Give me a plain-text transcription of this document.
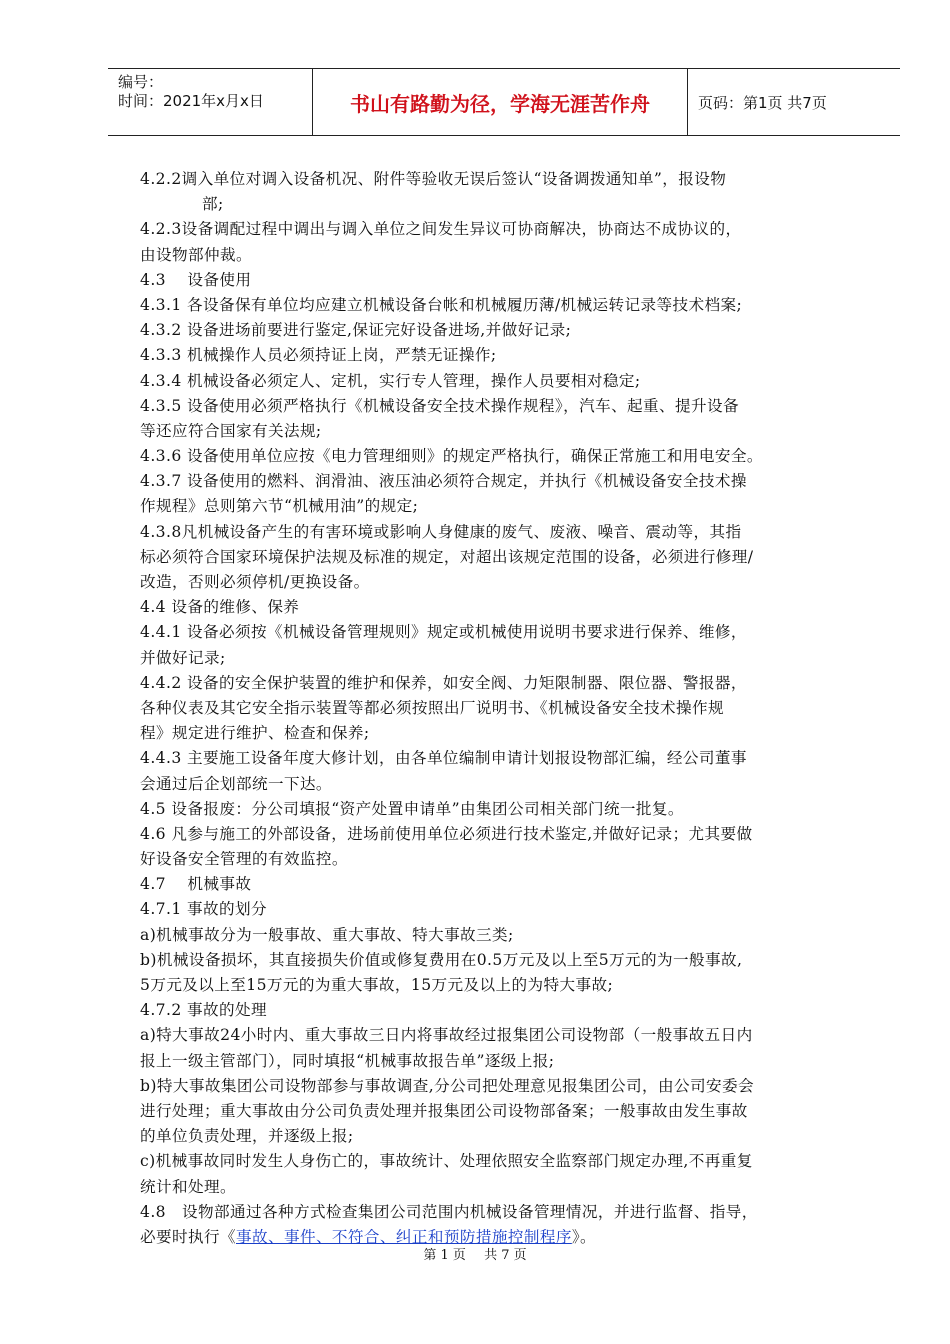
编号：
时间：2021年x月x日	书山有路勤为径，学海无涯苦作舟	页码：第1页 共7页
4.2.2调入单位对调入设备机况、附件等验收无误后签认“设备调拨通知单”，报设物
部;
4.2.3设备调配过程中调出与调入单位之间发生异议可协商解决，协商达不成协议的，
由设物部仲裁。
4.3　 设备使用
4.3.1 各设备保有单位均应建立机械设备台帐和机械履历薄/机械运转记录等技术档案;
4.3.2 设备进场前要进行鉴定,保证完好设备进场,并做好记录;
4.3.3 机械操作人员必须持证上岗，严禁无证操作;
4.3.4 机械设备必须定人、定机，实行专人管理，操作人员要相对稳定;
4.3.5 设备使用必须严格执行《机械设备安全技术操作规程》，汽车、起重、提升设备
等还应符合国家有关法规;
4.3.6 设备使用单位应按《电力管理细则》的规定严格执行，确保正常施工和用电安全。
4.3.7 设备使用的燃料、润滑油、液压油必须符合规定，并执行《机械设备安全技术操
作规程》总则第六节“机械用油”的规定;
4.3.8凡机械设备产生的有害环境或影响人身健康的废气、废液、噪音、震动等，其指
标必须符合国家环境保护法规及标准的规定，对超出该规定范围的设备，必须进行修理/
改造，否则必须停机/更换设备。
4.4 设备的维修、保养
4.4.1 设备必须按《机械设备管理规则》规定或机械使用说明书要求进行保养、维修，
并做好记录;
4.4.2 设备的安全保护装置的维护和保养，如安全阀、力矩限制器、限位器、警报器，
各种仪表及其它安全指示装置等都必须按照出厂说明书、《机械设备安全技术操作规
程》规定进行维护、检查和保养;
4.4.3 主要施工设备年度大修计划，由各单位编制申请计划报设物部汇编，经公司董事
会通过后企划部统一下达。
4.5 设备报废：分公司填报“资产处置申请单”由集团公司相关部门统一批复。
4.6 凡参与施工的外部设备，进场前使用单位必须进行技术鉴定,并做好记录；尤其要做
好设备安全管理的有效监控。
4.7　 机械事故
4.7.1 事故的划分
a)机械事故分为一般事故、重大事故、特大事故三类;
b)机械设备损坏，其直接损失价值或修复费用在0.5万元及以上至5万元的为一般事故,
5万元及以上至15万元的为重大事故，15万元及以上的为特大事故;
4.7.2 事故的处理
a)特大事故24小时内、重大事故三日内将事故经过报集团公司设物部（一般事故五日内
报上一级主管部门），同时填报“机械事故报告单”逐级上报;
b)特大事故集团公司设物部参与事故调查,分公司把处理意见报集团公司，由公司安委会
进行处理；重大事故由分公司负责处理并报集团公司设物部备案；一般事故由发生事故
的单位负责处理，并逐级上报;
c)机械事故同时发生人身伤亡的，事故统计、处理依照安全监察部门规定办理,不再重复
统计和处理。
4.8　设物部通过各种方式检查集团公司范围内机械设备管理情况，并进行监督、指导，
必要时执行《事故、事件、不符合、纠正和预防措施控制程序》。
第 1 页 共 7 页
